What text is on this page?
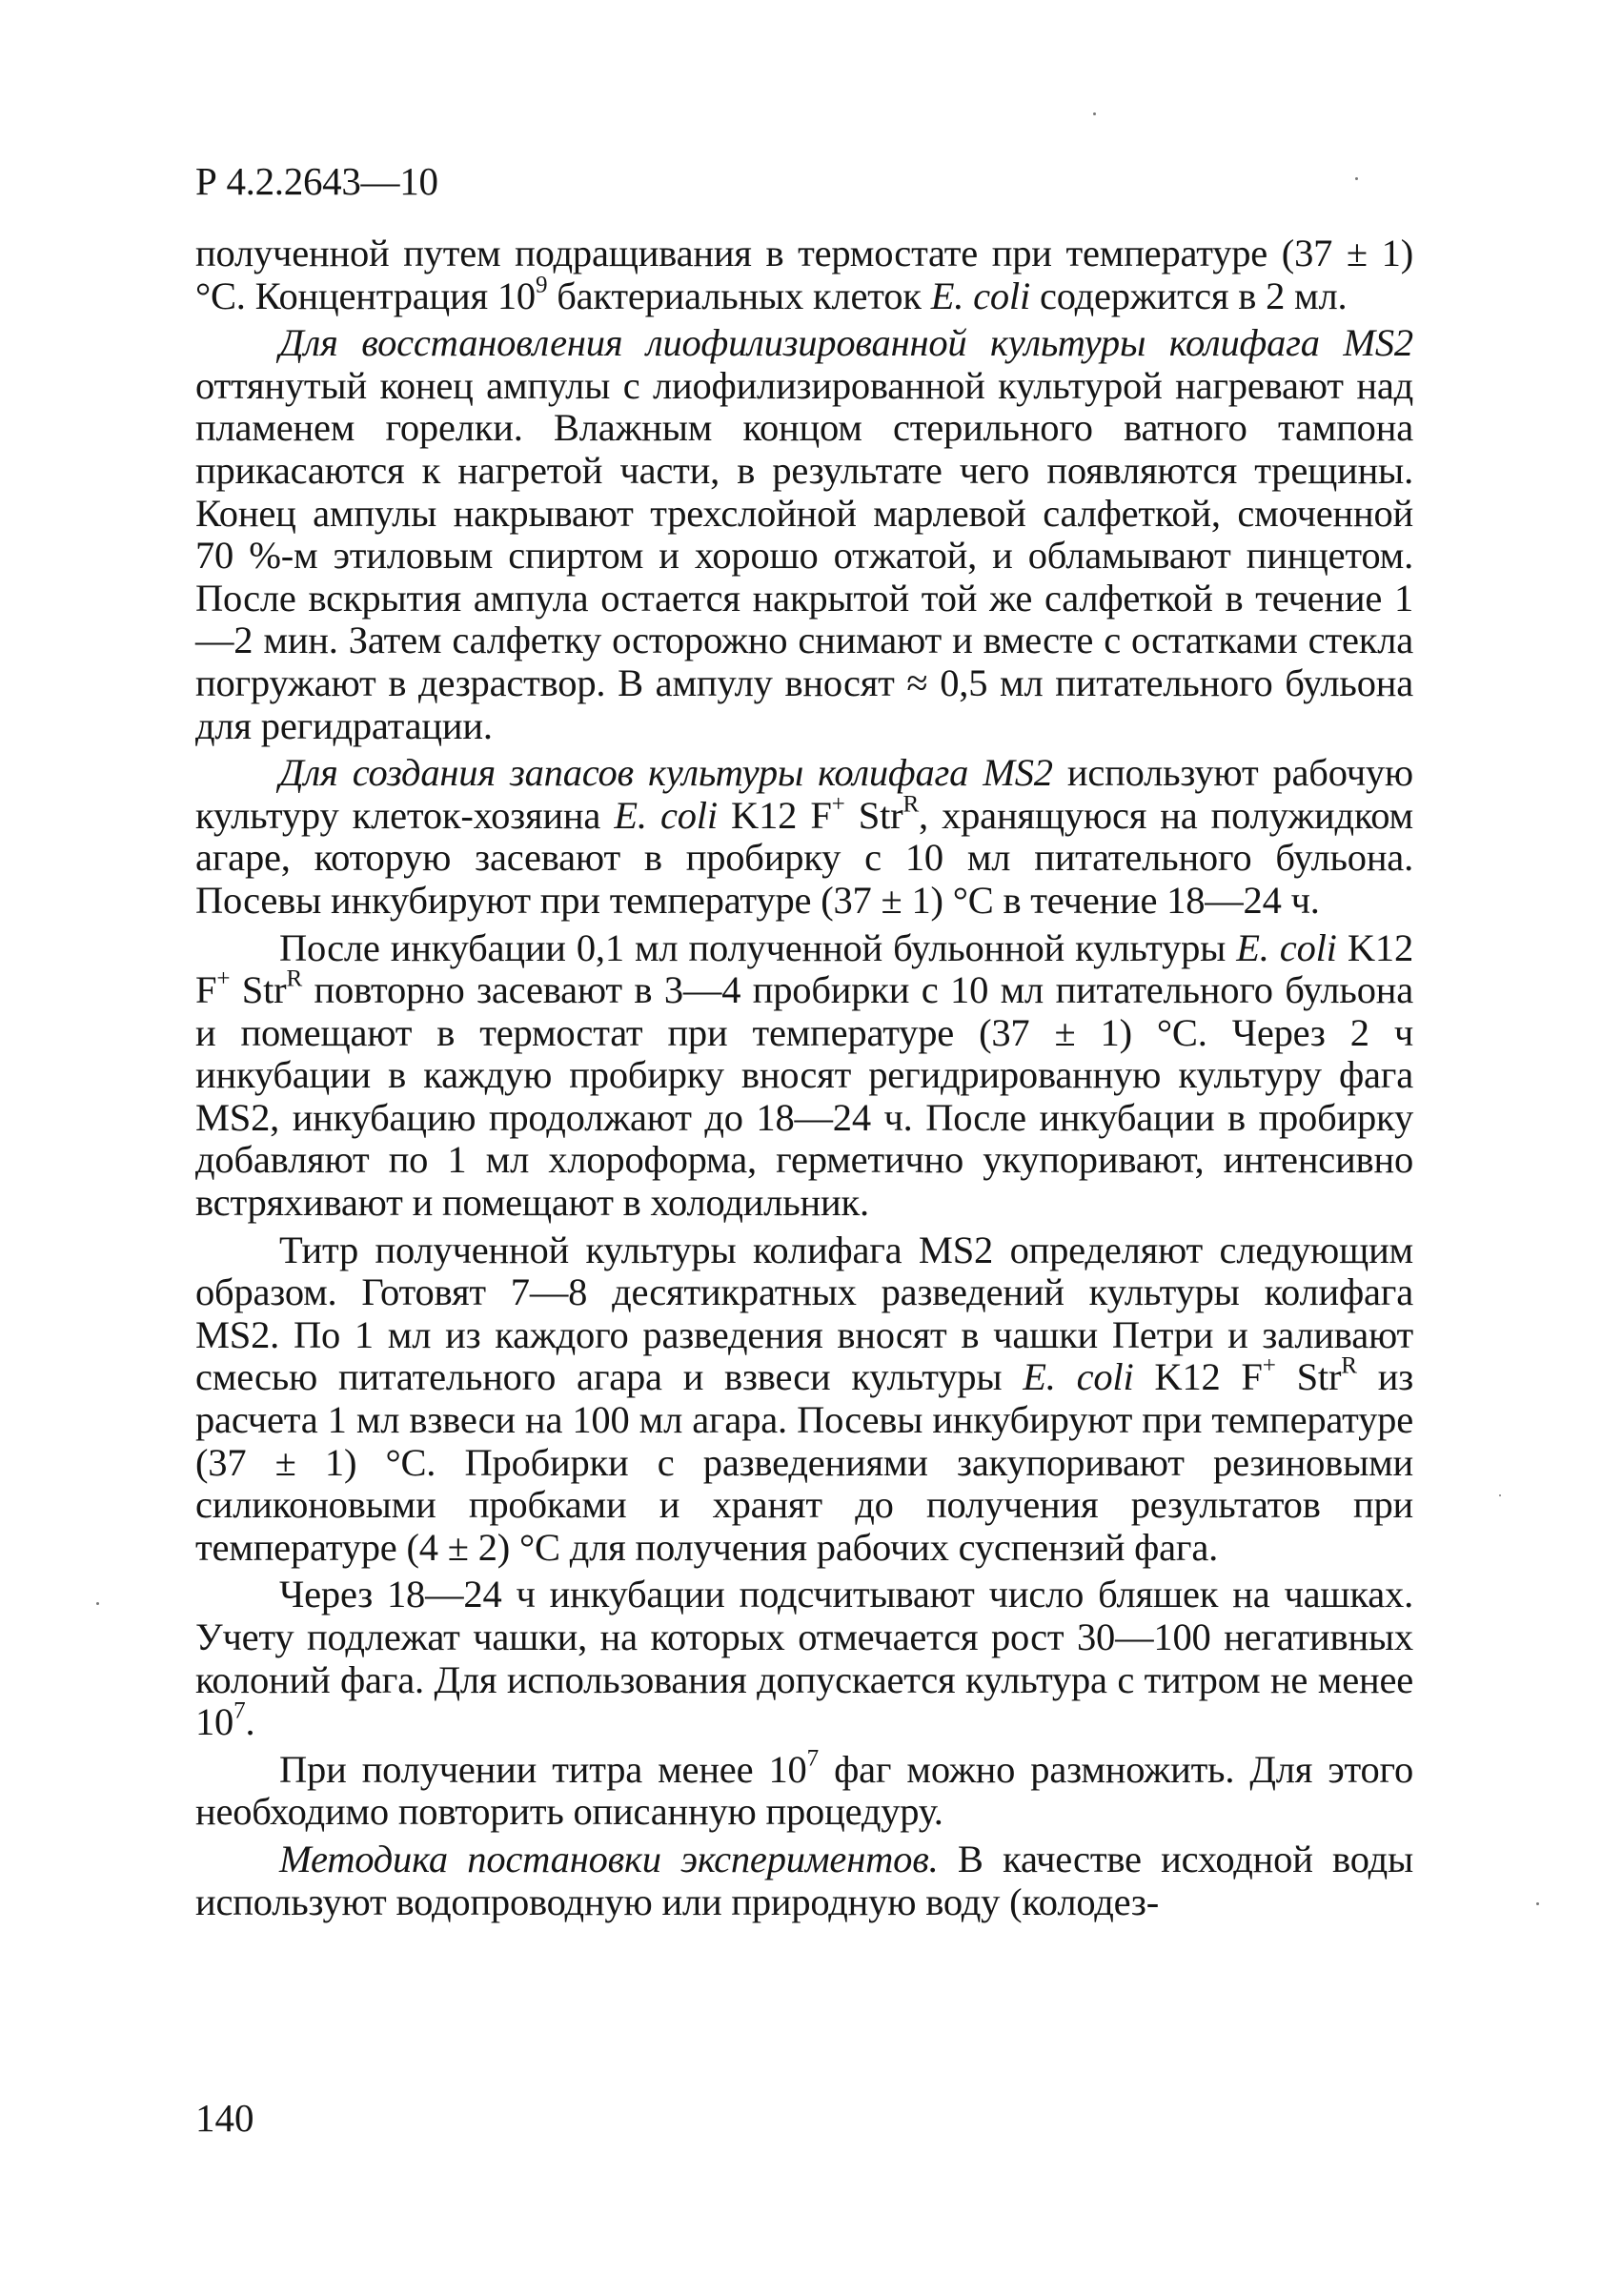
Р 4.2.2643—10

полученной путем подращивания в термостате при температуре (37 ± 1) °С. Концентрация $10^9$ бактериальных клеток E. coli содержится в 2 мл.

Для восстановления лиофилизированной культуры колифага MS2 оттянутый конец ампулы с лиофилизированной культурой нагревают над пламенем горелки. Влажным концом стерильного ватного тампона прикасаются к нагретой части, в результате чего появляются трещины. Конец ампулы накрывают трехслойной марлевой салфеткой, смоченной 70 %-м этиловым спиртом и хорошо отжатой, и обламывают пинцетом. После вскрытия ампула остается накрытой той же салфеткой в течение 1—2 мин. Затем салфетку осторожно снимают и вместе с остатками стекла погружают в дезраствор. В ампулу вносят ≈ 0,5 мл питательного бульона для регидратации.

Для создания запасов культуры колифага MS2 используют рабочую культуру клеток-хозяина E. coli K12 F+ Str$^R$, хранящуюся на полужидком агаре, которую засевают в пробирку с 10 мл питательного бульона. Посевы инкубируют при температуре (37 ± 1) °С в течение 18—24 ч.

После инкубации 0,1 мл полученной бульонной культуры E. coli K12 F+ Str$^R$ повторно засевают в 3—4 пробирки с 10 мл питательного бульона и помещают в термостат при температуре (37 ± 1) °С. Через 2 ч инкубации в каждую пробирку вносят регидрированную культуру фага MS2, инкубацию продолжают до 18—24 ч. После инкубации в пробирку добавляют по 1 мл хлороформа, герметично укупоривают, интенсивно встряхивают и помещают в холодильник.

Титр полученной культуры колифага MS2 определяют следующим образом. Готовят 7—8 десятикратных разведений культуры колифага MS2. По 1 мл из каждого разведения вносят в чашки Петри и заливают смесью питательного агара и взвеси культуры E. coli K12 F+ Str$^R$ из расчета 1 мл взвеси на 100 мл агара. Посевы инкубируют при температуре (37 ± 1) °С. Пробирки с разведениями закупоривают резиновыми силиконовыми пробками и хранят до получения результатов при температуре (4 ± 2) °С для получения рабочих суспензий фага.

Через 18—24 ч инкубации подсчитывают число бляшек на чашках. Учету подлежат чашки, на которых отмечается рост 30—100 негативных колоний фага. Для использования допускается культура с титром не менее $10^7$.

При получении титра менее $10^7$ фаг можно размножить. Для этого необходимо повторить описанную процедуру.

Методика постановки экспериментов. В качестве исходной воды используют водопроводную или природную воду (колодез-

140
